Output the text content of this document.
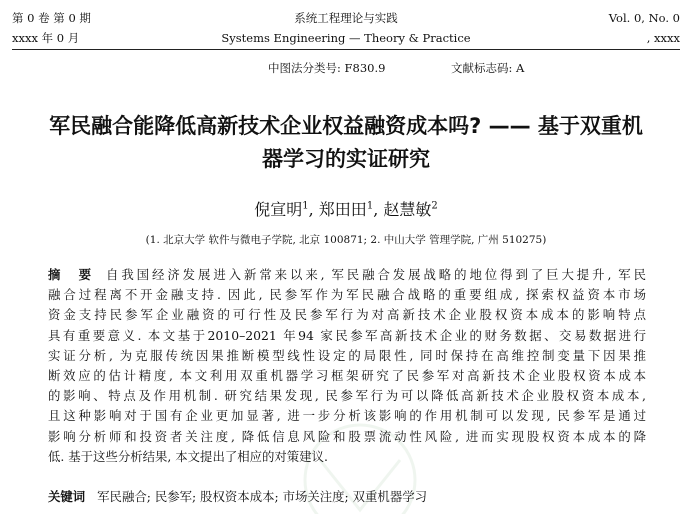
第 0 卷 第 0 期
xxxx 年 0 月
系统工程理论与实践
Systems Engineering — Theory & Practice
Vol. 0, No. 0
, xxxx
中图法分类号: F830.9	文献标志码: A
军民融合能降低高新技术企业权益融资成本吗? —— 基于双重机
器学习的实证研究
倪宣明$^1$, 郑田田$^1$, 赵慧敏$^2$
(1. 北京大学 软件与微电子学院, 北京 100871; 2. 中山大学 管理学院, 广州 510275)
摘　要 自我国经济发展进入新常来以来, 军民融合发展战略的地位得到了巨大提升, 军民
融合过程离不开金融支持. 因此, 民参军作为军民融合战略的重要组成, 探索权益资本市场
资金支持民参军企业融资的可行性及民参军行为对高新技术企业股权资本成本的影响特点
具有重要意义. 本文基于2010–2021 年94 家民参军高新技术企业的财务数据、交易数据进行
实证分析, 为克服传统因果推断模型线性设定的局限性, 同时保持在高维控制变量下因果推
断效应的估计精度, 本文利用双重机器学习框架研究了民参军对高新技术企业股权资本成本
的影响、特点及作用机制. 研究结果发现, 民参军行为可以降低高新技术企业股权资本成本,
且这种影响对于国有企业更加显著, 进一步分析该影响的作用机制可以发现, 民参军是通过
影响分析师和投资者关注度, 降低信息风险和股票流动性风险, 进而实现股权资本成本的降
低. 基于这些分析结果, 本文提出了相应的对策建议.
关键词 军民融合; 民参军; 股权资本成本; 市场关注度; 双重机器学习
